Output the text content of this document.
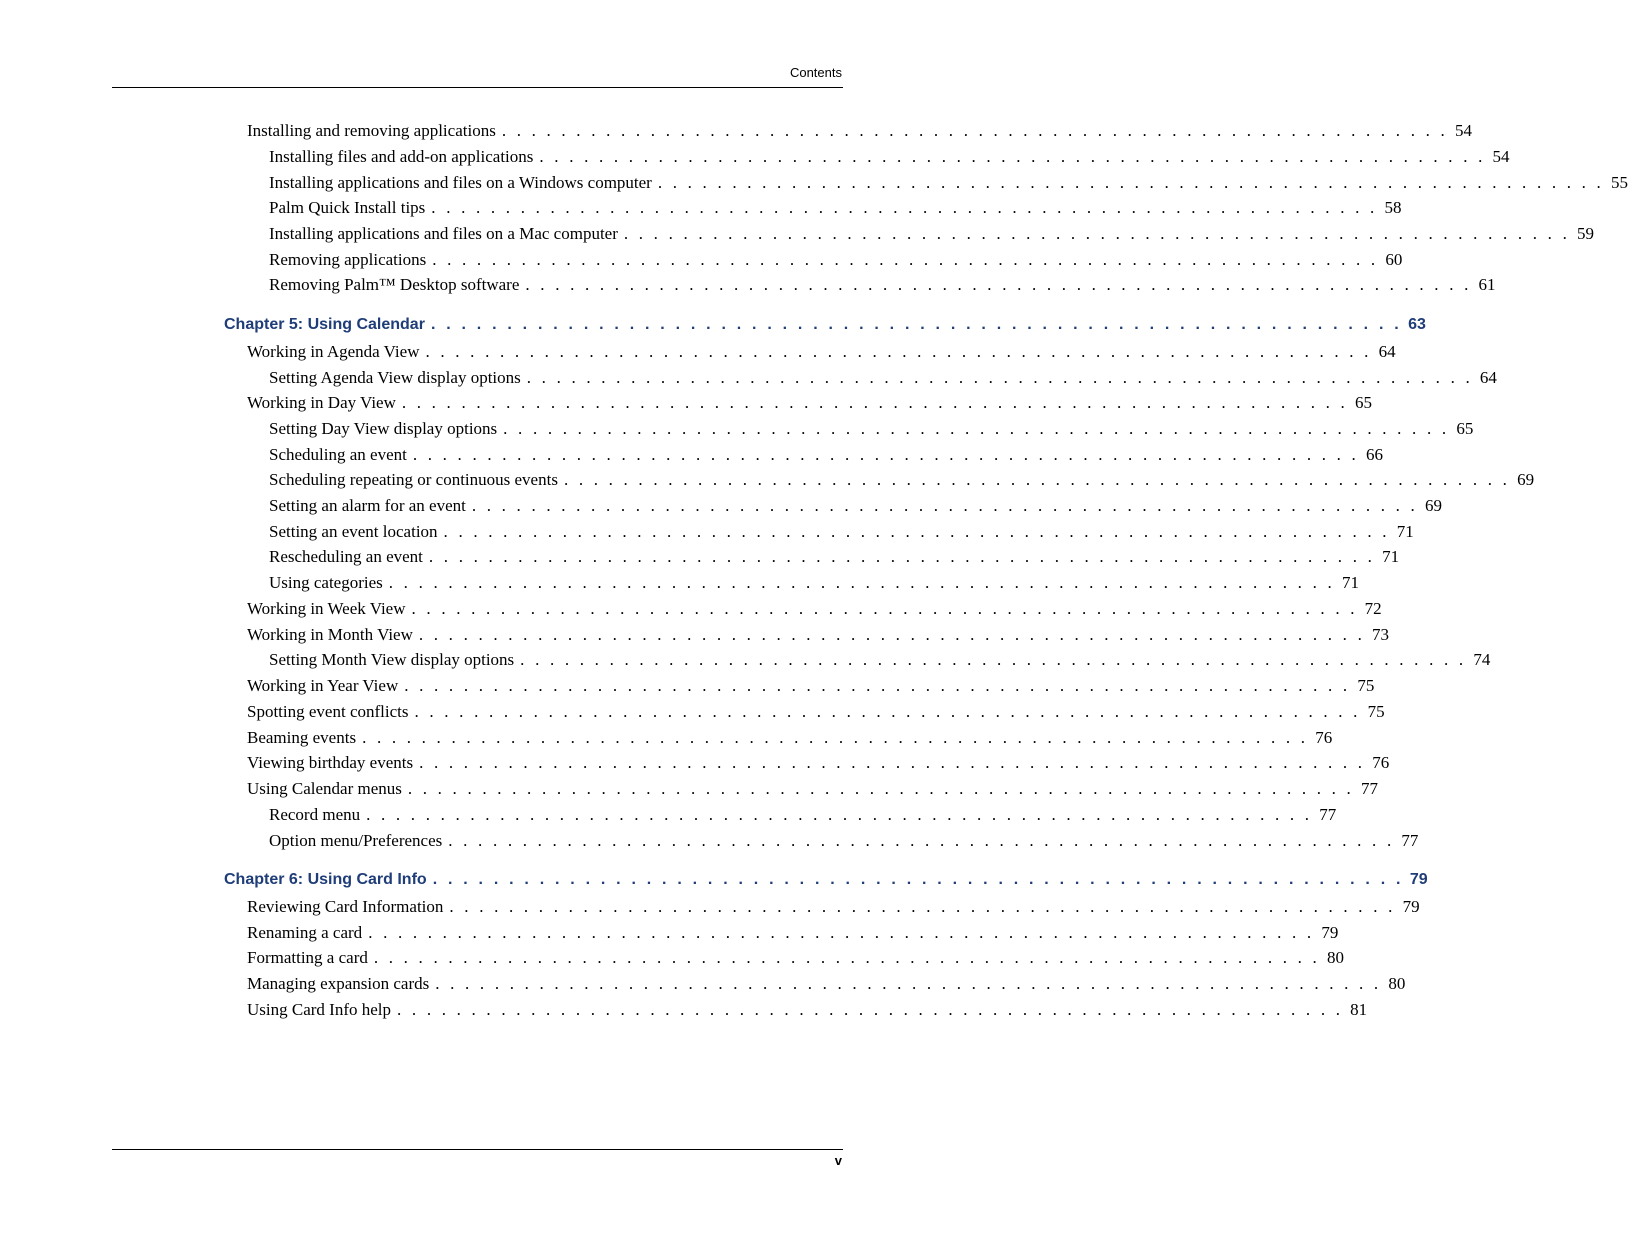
Contents
Installing and removing applications . . . . . . . . . . . . . . . . . . . . . . . . . . . . . . . . . . . . . . . . . . . . . . . . . . . . . . . . . . . . . . . . 54
Installing files and add-on applications . . . . . . . . . . . . . . . . . . . . . . . . . . . . . . . . . . . . . . . . . . . . . . . . . . . . . . . . . . . . . . . . 54
Installing applications and files on a Windows computer . . . . . . . . . . . . . . . . . . . . . . . . . . . . . . . . . . . . . . . . . . . . . . . . . . . . . . . . . . . . . . . . 55
Palm Quick Install tips . . . . . . . . . . . . . . . . . . . . . . . . . . . . . . . . . . . . . . . . . . . . . . . . . . . . . . . . . . . . . . . . 58
Installing applications and files on a Mac computer . . . . . . . . . . . . . . . . . . . . . . . . . . . . . . . . . . . . . . . . . . . . . . . . . . . . . . . . . . . . . . . . 59
Removing applications . . . . . . . . . . . . . . . . . . . . . . . . . . . . . . . . . . . . . . . . . . . . . . . . . . . . . . . . . . . . . . . . 60
Removing Palm™ Desktop software . . . . . . . . . . . . . . . . . . . . . . . . . . . . . . . . . . . . . . . . . . . . . . . . . . . . . . . . . . . . . . . . 61
Chapter 5: Using Calendar . . . . . . . . . . . . . . . . . . . . . . . . . . . . . . . . . . . . . . . . . . . . . . . . . . . . . . . . . . . . . . . . 63
Working in Agenda View . . . . . . . . . . . . . . . . . . . . . . . . . . . . . . . . . . . . . . . . . . . . . . . . . . . . . . . . . . . . . . . . 64
Setting Agenda View display options . . . . . . . . . . . . . . . . . . . . . . . . . . . . . . . . . . . . . . . . . . . . . . . . . . . . . . . . . . . . . . . . 64
Working in Day View . . . . . . . . . . . . . . . . . . . . . . . . . . . . . . . . . . . . . . . . . . . . . . . . . . . . . . . . . . . . . . . . 65
Setting Day View display options . . . . . . . . . . . . . . . . . . . . . . . . . . . . . . . . . . . . . . . . . . . . . . . . . . . . . . . . . . . . . . . . 65
Scheduling an event . . . . . . . . . . . . . . . . . . . . . . . . . . . . . . . . . . . . . . . . . . . . . . . . . . . . . . . . . . . . . . . . 66
Scheduling repeating or continuous events . . . . . . . . . . . . . . . . . . . . . . . . . . . . . . . . . . . . . . . . . . . . . . . . . . . . . . . . . . . . . . . . 69
Setting an alarm for an event . . . . . . . . . . . . . . . . . . . . . . . . . . . . . . . . . . . . . . . . . . . . . . . . . . . . . . . . . . . . . . . . 69
Setting an event location . . . . . . . . . . . . . . . . . . . . . . . . . . . . . . . . . . . . . . . . . . . . . . . . . . . . . . . . . . . . . . . . 71
Rescheduling an event . . . . . . . . . . . . . . . . . . . . . . . . . . . . . . . . . . . . . . . . . . . . . . . . . . . . . . . . . . . . . . . . 71
Using categories . . . . . . . . . . . . . . . . . . . . . . . . . . . . . . . . . . . . . . . . . . . . . . . . . . . . . . . . . . . . . . . . 71
Working in Week View . . . . . . . . . . . . . . . . . . . . . . . . . . . . . . . . . . . . . . . . . . . . . . . . . . . . . . . . . . . . . . . . 72
Working in Month View . . . . . . . . . . . . . . . . . . . . . . . . . . . . . . . . . . . . . . . . . . . . . . . . . . . . . . . . . . . . . . . . 73
Setting Month View display options . . . . . . . . . . . . . . . . . . . . . . . . . . . . . . . . . . . . . . . . . . . . . . . . . . . . . . . . . . . . . . . . 74
Working in Year View . . . . . . . . . . . . . . . . . . . . . . . . . . . . . . . . . . . . . . . . . . . . . . . . . . . . . . . . . . . . . . . . 75
Spotting event conflicts . . . . . . . . . . . . . . . . . . . . . . . . . . . . . . . . . . . . . . . . . . . . . . . . . . . . . . . . . . . . . . . . 75
Beaming events . . . . . . . . . . . . . . . . . . . . . . . . . . . . . . . . . . . . . . . . . . . . . . . . . . . . . . . . . . . . . . . . 76
Viewing birthday events . . . . . . . . . . . . . . . . . . . . . . . . . . . . . . . . . . . . . . . . . . . . . . . . . . . . . . . . . . . . . . . . 76
Using Calendar menus . . . . . . . . . . . . . . . . . . . . . . . . . . . . . . . . . . . . . . . . . . . . . . . . . . . . . . . . . . . . . . . . 77
Record menu . . . . . . . . . . . . . . . . . . . . . . . . . . . . . . . . . . . . . . . . . . . . . . . . . . . . . . . . . . . . . . . . 77
Option menu/Preferences . . . . . . . . . . . . . . . . . . . . . . . . . . . . . . . . . . . . . . . . . . . . . . . . . . . . . . . . . . . . . . . . 77
Chapter 6: Using Card Info . . . . . . . . . . . . . . . . . . . . . . . . . . . . . . . . . . . . . . . . . . . . . . . . . . . . . . . . . . . . . . . . 79
Reviewing Card Information . . . . . . . . . . . . . . . . . . . . . . . . . . . . . . . . . . . . . . . . . . . . . . . . . . . . . . . . . . . . . . . . 79
Renaming a card . . . . . . . . . . . . . . . . . . . . . . . . . . . . . . . . . . . . . . . . . . . . . . . . . . . . . . . . . . . . . . . . 79
Formatting a card . . . . . . . . . . . . . . . . . . . . . . . . . . . . . . . . . . . . . . . . . . . . . . . . . . . . . . . . . . . . . . . . 80
Managing expansion cards . . . . . . . . . . . . . . . . . . . . . . . . . . . . . . . . . . . . . . . . . . . . . . . . . . . . . . . . . . . . . . . . 80
Using Card Info help . . . . . . . . . . . . . . . . . . . . . . . . . . . . . . . . . . . . . . . . . . . . . . . . . . . . . . . . . . . . . . . . 81
v
